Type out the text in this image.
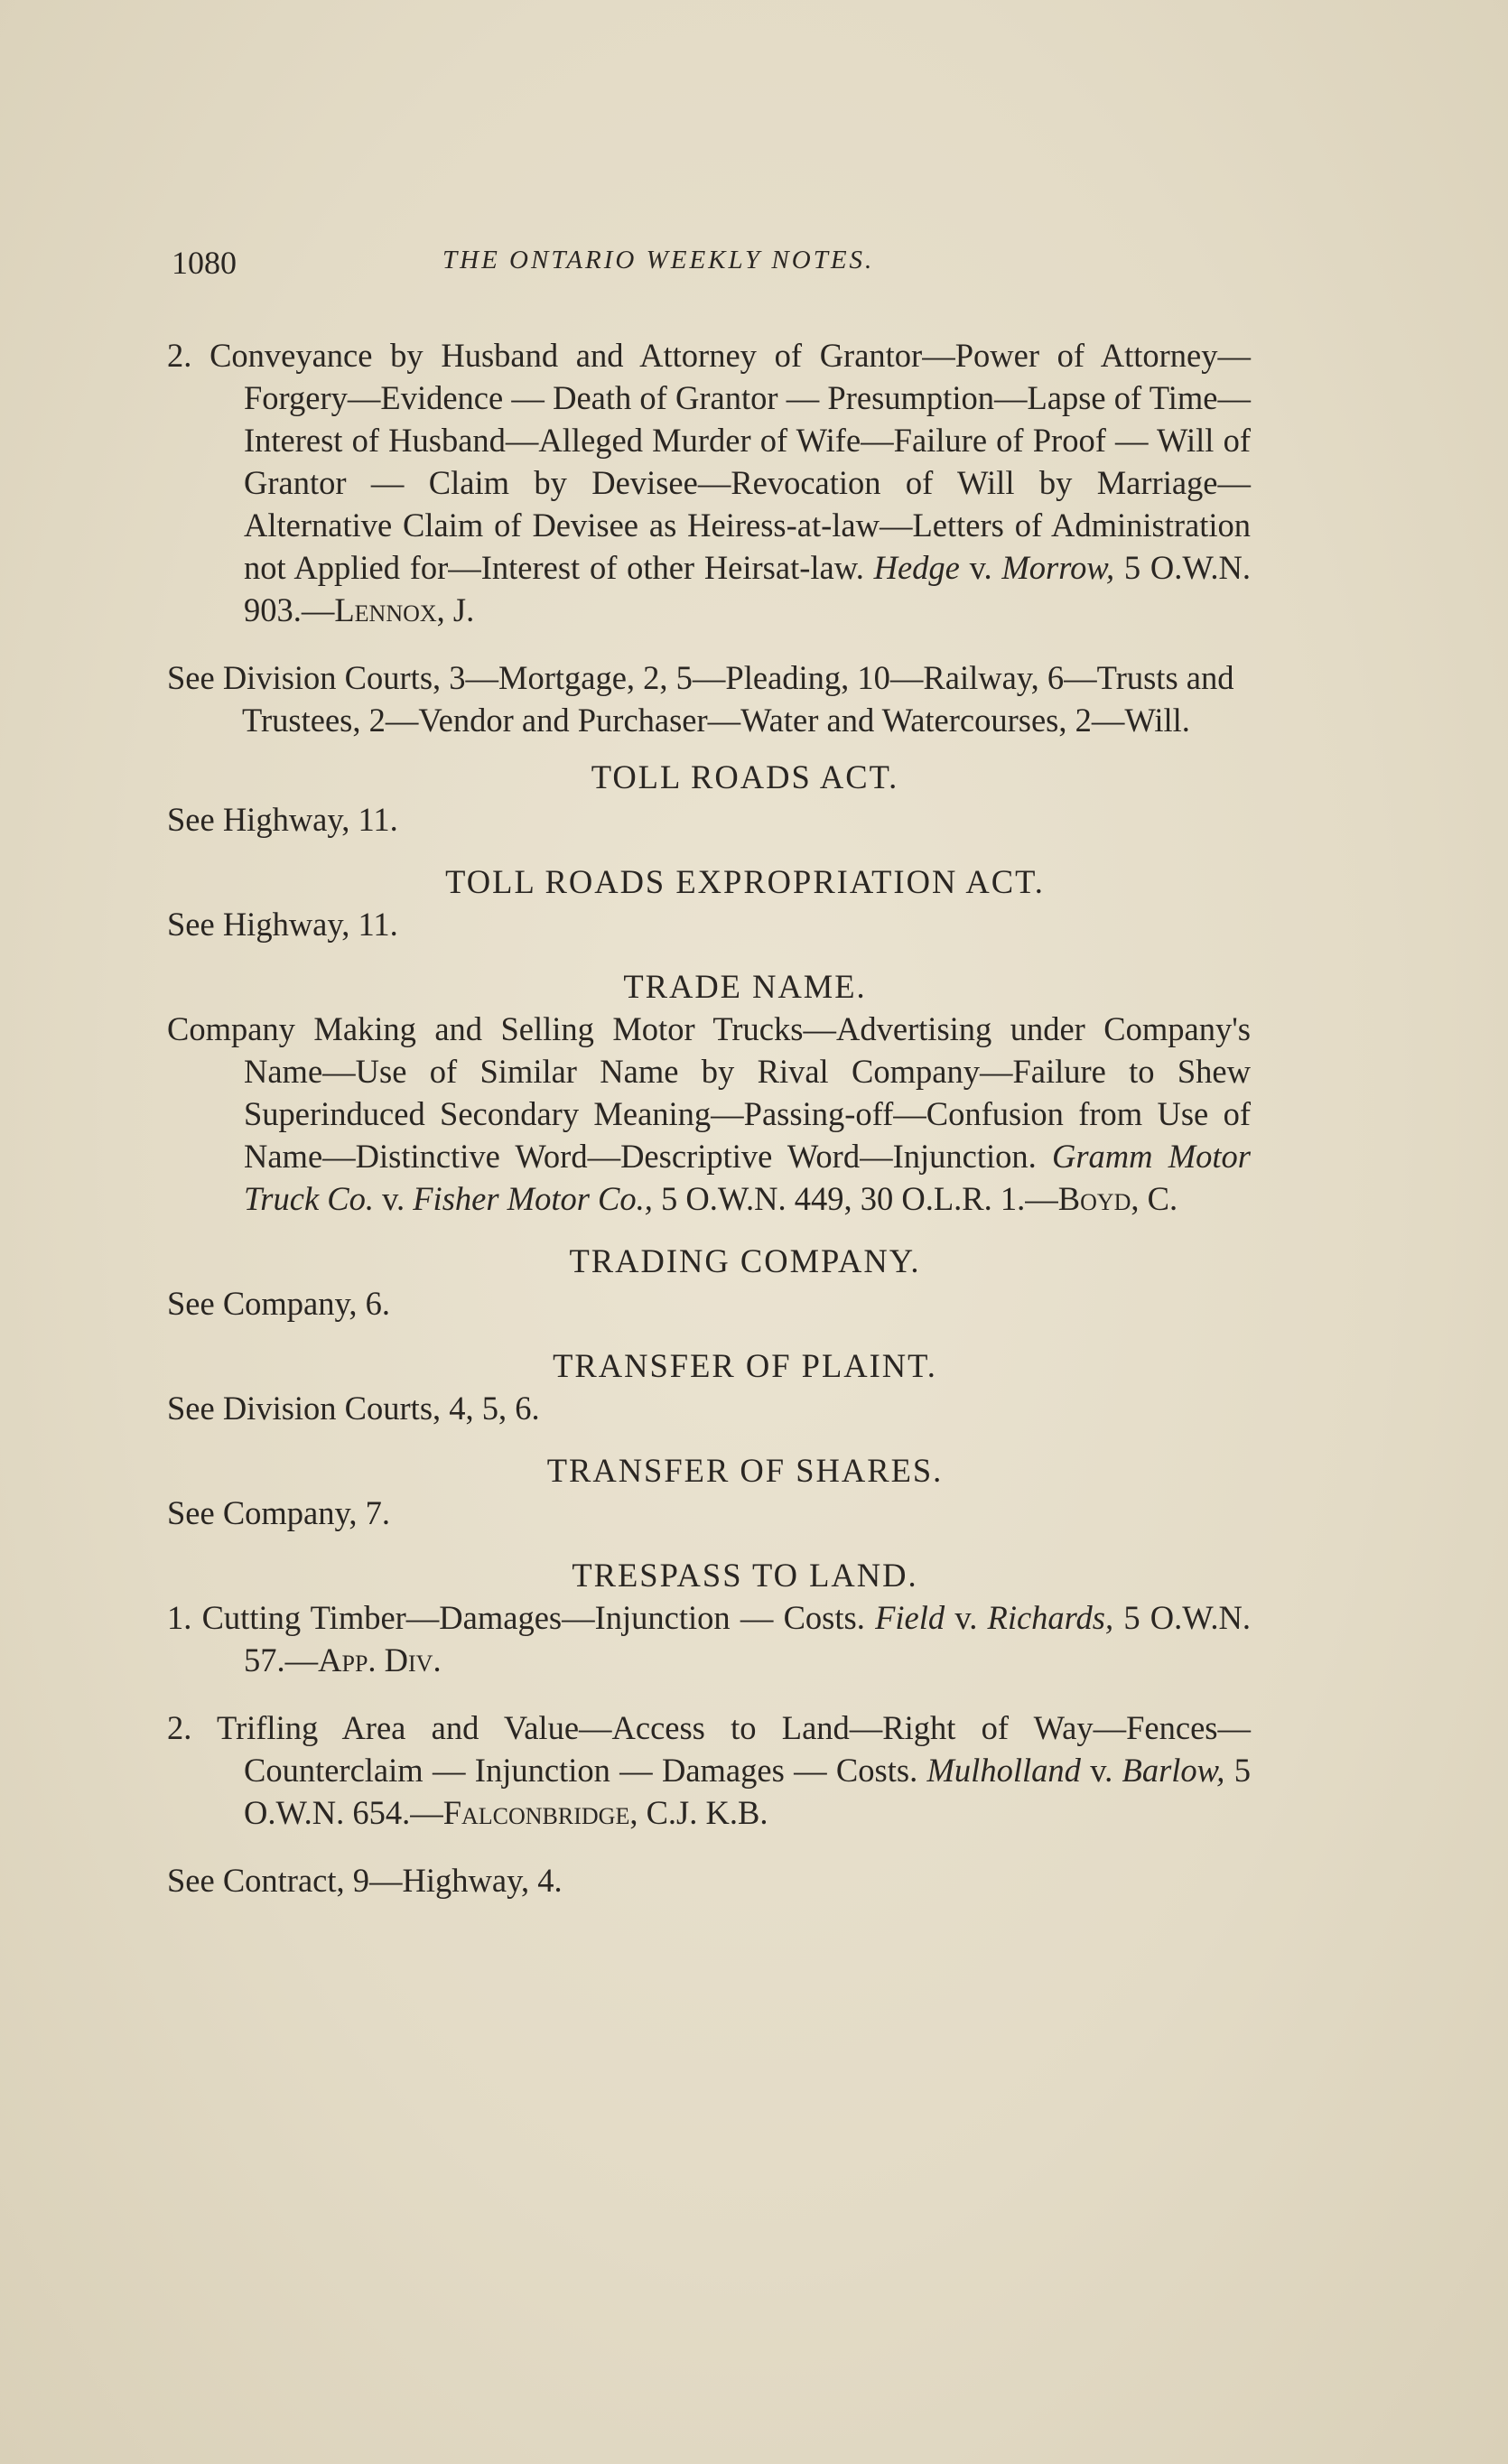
1080	THE ONTARIO WEEKLY NOTES.

2. Conveyance by Husband and Attorney of Grantor—Power of Attorney—Forgery—Evidence — Death of Grantor — Presumption—Lapse of Time—Interest of Husband—Alleged Murder of Wife—Failure of Proof — Will of Grantor — Claim by Devisee—Revocation of Will by Marriage—Alternative Claim of Devisee as Heiress-at-law—Letters of Administration not Applied for—Interest of other Heirsat-law. Hedge v. Morrow, 5 O.W.N. 903.—Lennox, J.

See Division Courts, 3—Mortgage, 2, 5—Pleading, 10—Railway, 6—Trusts and Trustees, 2—Vendor and Purchaser—Water and Watercourses, 2—Will.

TOLL ROADS ACT.

See Highway, 11.

TOLL ROADS EXPROPRIATION ACT.

See Highway, 11.

TRADE NAME.

Company Making and Selling Motor Trucks—Advertising under Company's Name—Use of Similar Name by Rival Company—Failure to Shew Superinduced Secondary Meaning—Passing-off—Confusion from Use of Name—Distinctive Word—Descriptive Word—Injunction. Gramm Motor Truck Co. v. Fisher Motor Co., 5 O.W.N. 449, 30 O.L.R. 1.—Boyd, C.

TRADING COMPANY.

See Company, 6.

TRANSFER OF PLAINT.

See Division Courts, 4, 5, 6.

TRANSFER OF SHARES.

See Company, 7.

TRESPASS TO LAND.

1. Cutting Timber—Damages—Injunction — Costs. Field v. Richards, 5 O.W.N. 57.—App. Div.

2. Trifling Area and Value—Access to Land—Right of Way—Fences—Counterclaim — Injunction — Damages — Costs. Mulholland v. Barlow, 5 O.W.N. 654.—Falconbridge, C.J. K.B.

See Contract, 9—Highway, 4.
